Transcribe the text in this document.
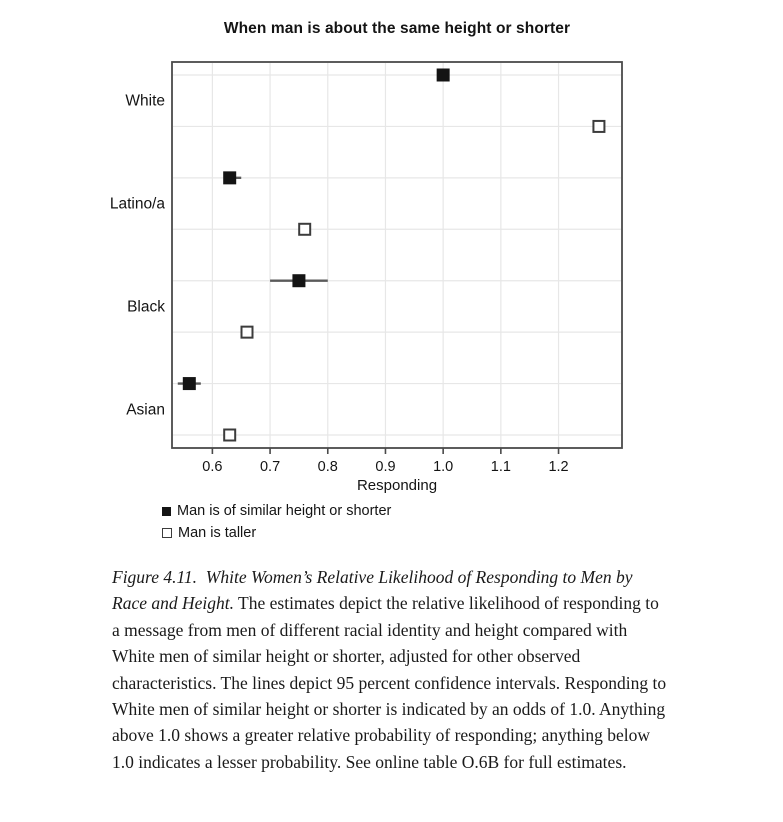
When man is about the same height or shorter
0.6	0.7	0.8	0.9	1.0	1.1	1.2
White
Latino/a
Black
Asian
Responding
Man is of similar height or shorter
Man is taller
Figure 4.11.  White Women’s Relative Likelihood of Responding to Men by Race and Height. The estimates depict the relative likelihood of responding to a message from men of different racial identity and height compared with White men of similar height or shorter, adjusted for other observed characteristics. The lines depict 95 percent confidence intervals. Responding to White men of similar height or shorter is indicated by an odds of 1.0. Anything above 1.0 shows a greater relative probability of responding; anything below 1.0 indicates a lesser probability. See online table O.6B for full estimates.
